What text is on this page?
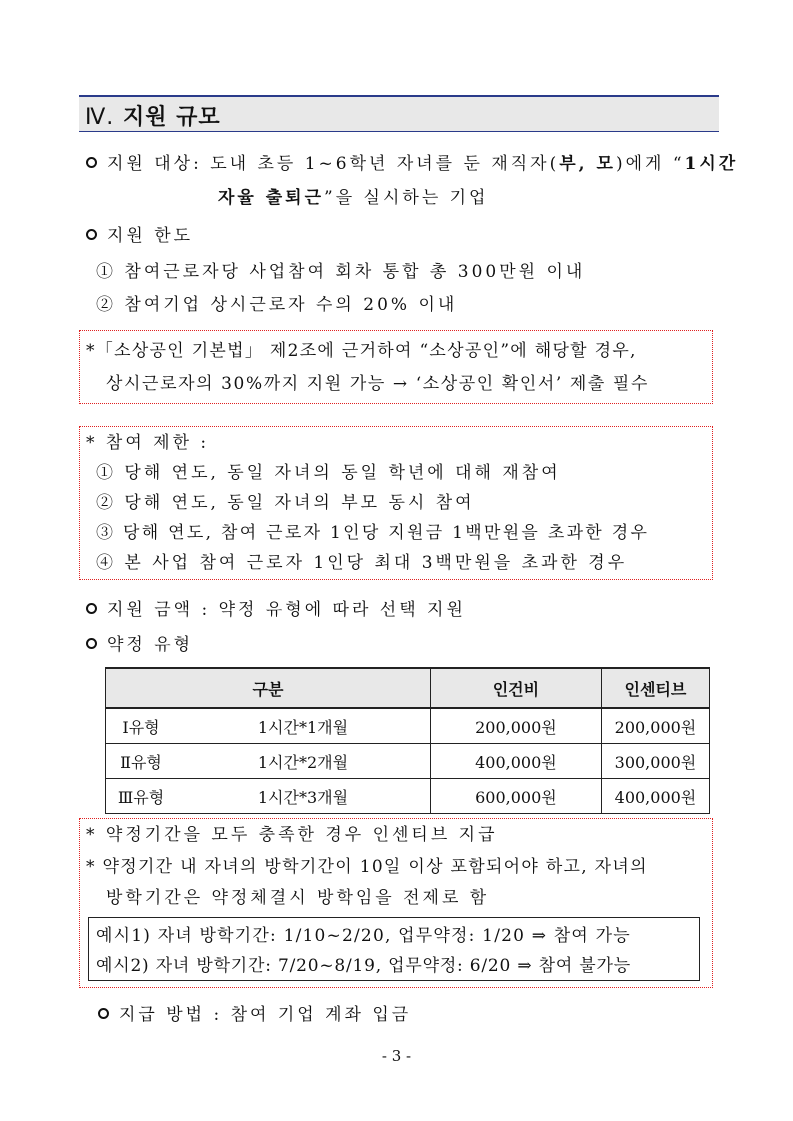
Ⅳ. 지원 규모
지원 대상: 도내 초등 1~6학년 자녀를 둔 재직자(부, 모)에게 “1시간
자율 출퇴근”을 실시하는 기업
지원 한도
① 참여근로자당 사업참여 회차 통합 총 300만원 이내
② 참여기업 상시근로자 수의 20% 이내
*「소상공인 기본법」 제2조에 근거하여 “소상공인”에 해당할 경우,
상시근로자의 30%까지 지원 가능 → ‘소상공인 확인서’ 제출 필수
* 참여 제한 :
① 당해 연도, 동일 자녀의 동일 학년에 대해 재참여
② 당해 연도, 동일 자녀의 부모 동시 참여
③ 당해 연도, 참여 근로자 1인당 지원금 1백만원을 초과한 경우
④ 본 사업 참여 근로자 1인당 최대 3백만원을 초과한 경우
지원 금액 : 약정 유형에 따라 선택 지원
약정 유형
구분		인건비	인센티브
Ⅰ유형	1시간*1개월	200,000원	200,000원
Ⅱ유형	1시간*2개월	400,000원	300,000원
Ⅲ유형	1시간*3개월	600,000원	400,000원
* 약정기간을 모두 충족한 경우 인센티브 지급
* 약정기간 내 자녀의 방학기간이 10일 이상 포함되어야 하고, 자녀의
방학기간은 약정체결시 방학임을 전제로 함
예시1) 자녀 방학기간: 1/10~2/20, 업무약정: 1/20 ⇒ 참여 가능
예시2) 자녀 방학기간: 7/20~8/19, 업무약정: 6/20 ⇒ 참여 불가능
지급 방법 : 참여 기업 계좌 입금
- 3 -
